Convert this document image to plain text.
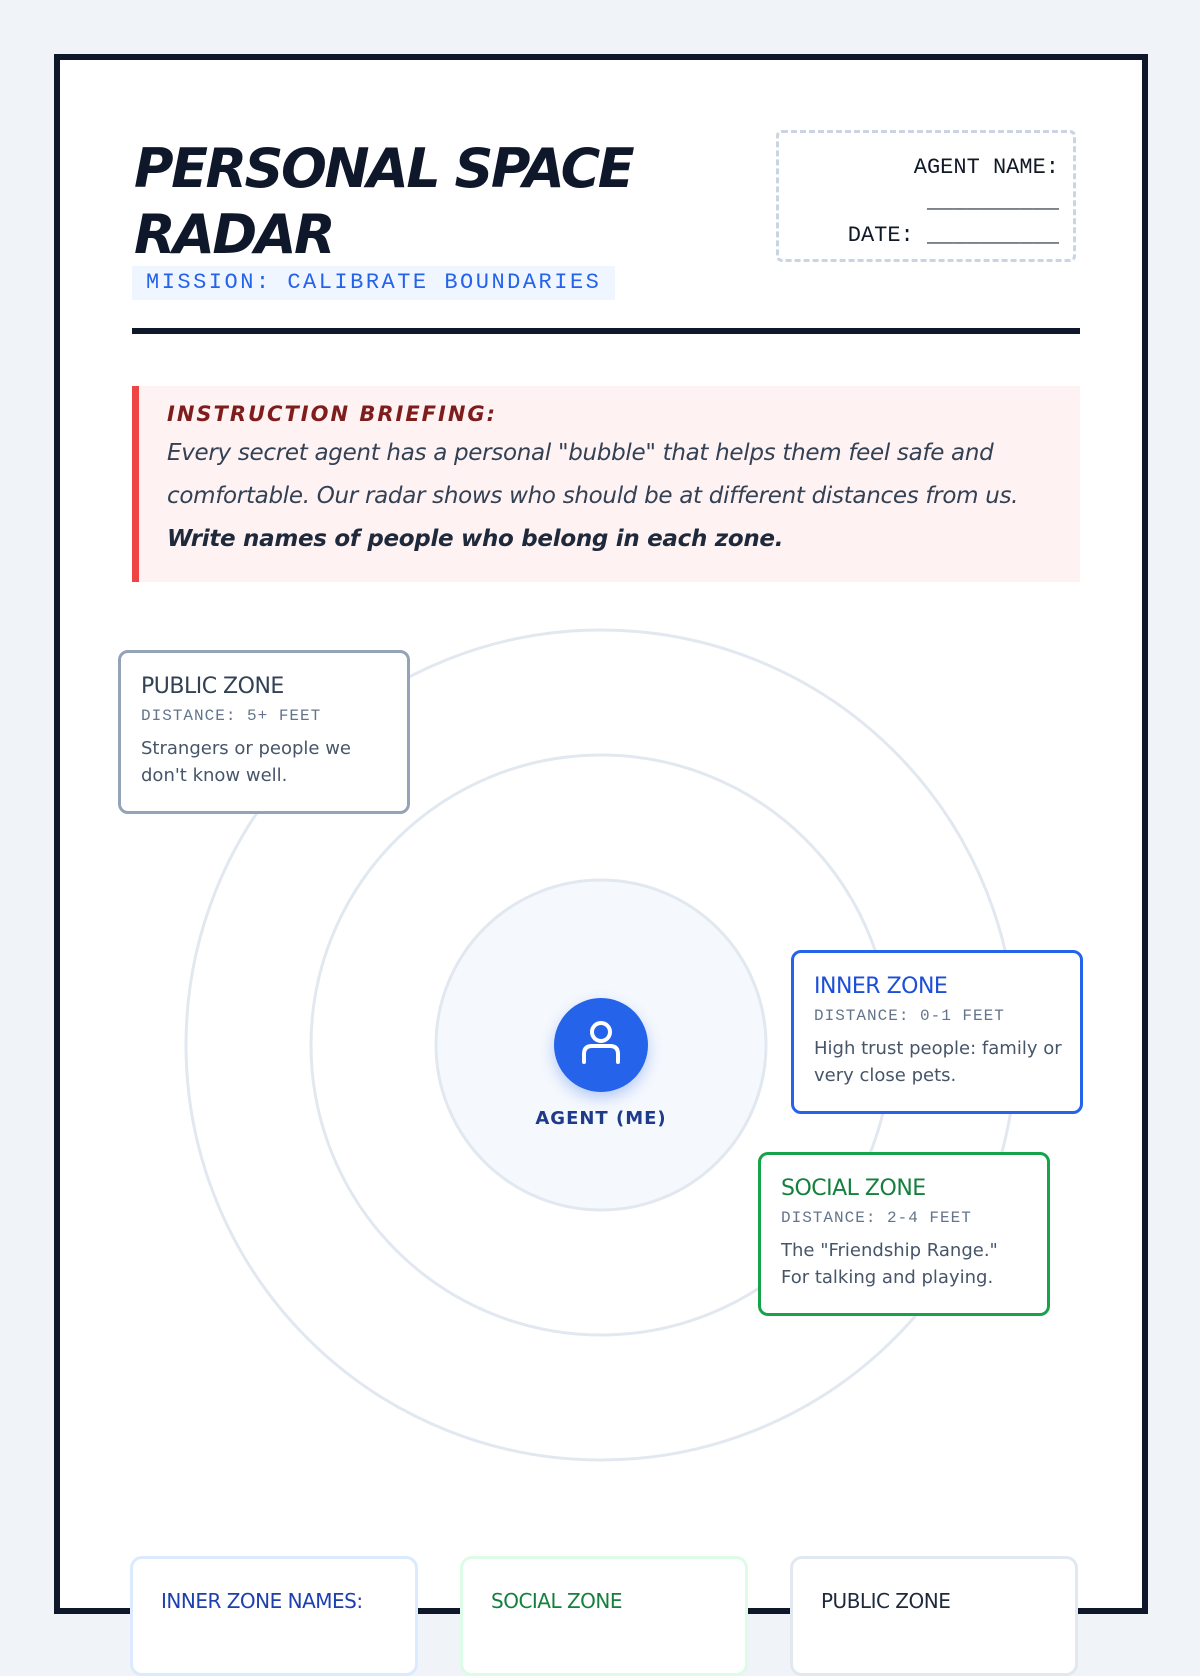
PERSONAL SPACE RADAR
MISSION: CALIBRATE BOUNDARIES
AGENT NAME:
__________
DATE: __________
INSTRUCTION BRIEFING:
Every secret agent has a personal "bubble" that helps them feel safe and comfortable. Our radar shows who should be at different distances from us. Write names of people who belong in each zone.
AGENT (ME)
PUBLIC ZONE
DISTANCE: 5+ FEET
Strangers or people we don't know well.
INNER ZONE
DISTANCE: 0-1 FEET
High trust people: family or very close pets.
SOCIAL ZONE
DISTANCE: 2-4 FEET
The "Friendship Range." For talking and playing.
INNER ZONE NAMES:	SOCIAL ZONE	PUBLIC ZONE
